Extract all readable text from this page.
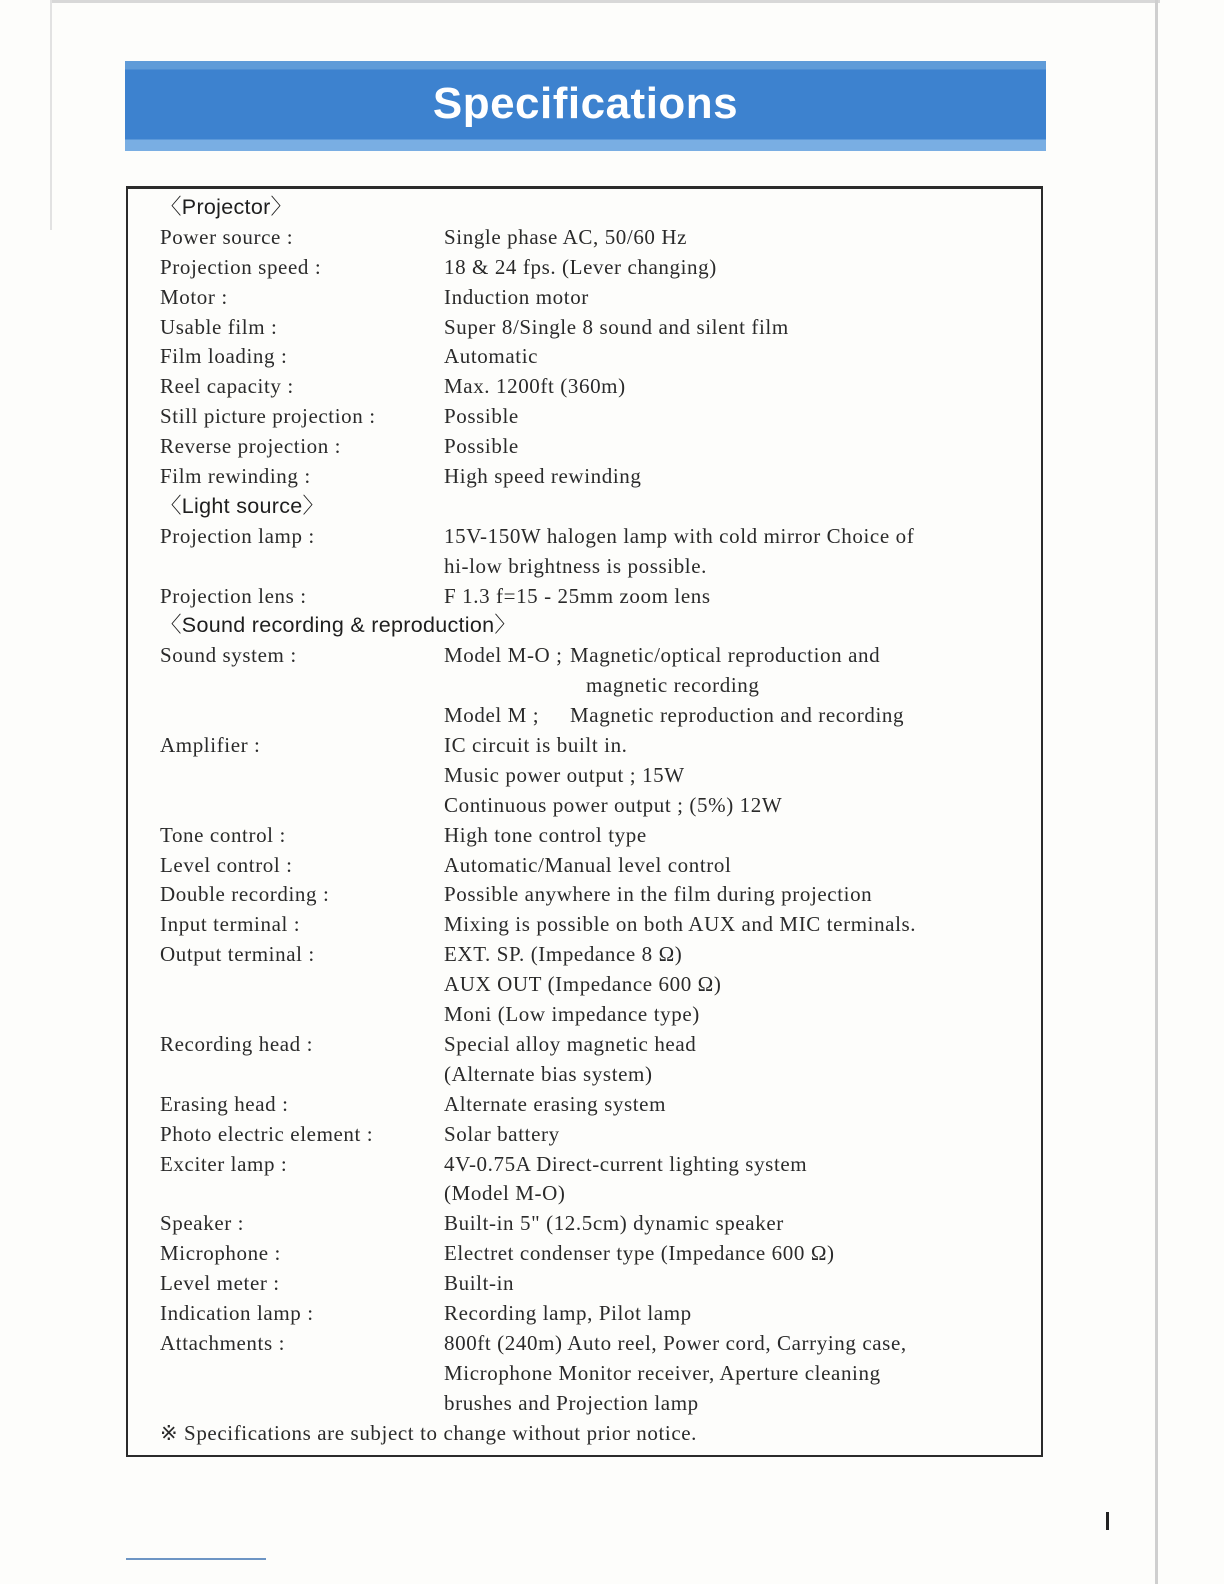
Specifications
〈Projector〉
Power source :	Single phase AC, 50/60 Hz
Projection speed :	18 & 24 fps. (Lever changing)
Motor :	Induction motor
Usable film :	Super 8/Single 8 sound and silent film
Film loading :	Automatic
Reel capacity :	Max. 1200ft (360m)
Still picture projection :	Possible
Reverse projection :	Possible
Film rewinding :	High speed rewinding
〈Light source〉
Projection lamp :	15V-150W halogen lamp with cold mirror Choice of
hi-low brightness is possible.
Projection lens :	F 1.3 f=15 - 25mm zoom lens
〈Sound recording & reproduction〉
Sound system :	Model M-O ; Magnetic/optical reproduction and
magnetic recording
Model M ; Magnetic reproduction and recording
Amplifier :	IC circuit is built in.
Music power output ; 15W
Continuous power output ; (5%) 12W
Tone control :	High tone control type
Level control :	Automatic/Manual level control
Double recording :	Possible anywhere in the film during projection
Input terminal :	Mixing is possible on both AUX and MIC terminals.
Output terminal :	EXT. SP. (Impedance 8 Ω)
AUX OUT (Impedance 600 Ω)
Moni (Low impedance type)
Recording head :	Special alloy magnetic head
(Alternate bias system)
Erasing head :	Alternate erasing system
Photo electric element :	Solar battery
Exciter lamp :	4V-0.75A Direct-current lighting system
(Model M-O)
Speaker :	Built-in 5" (12.5cm) dynamic speaker
Microphone :	Electret condenser type (Impedance 600 Ω)
Level meter :	Built-in
Indication lamp :	Recording lamp, Pilot lamp
Attachments :	800ft (240m) Auto reel, Power cord, Carrying case,
Microphone Monitor receiver, Aperture cleaning
brushes and Projection lamp
※ Specifications are subject to change without prior notice.
